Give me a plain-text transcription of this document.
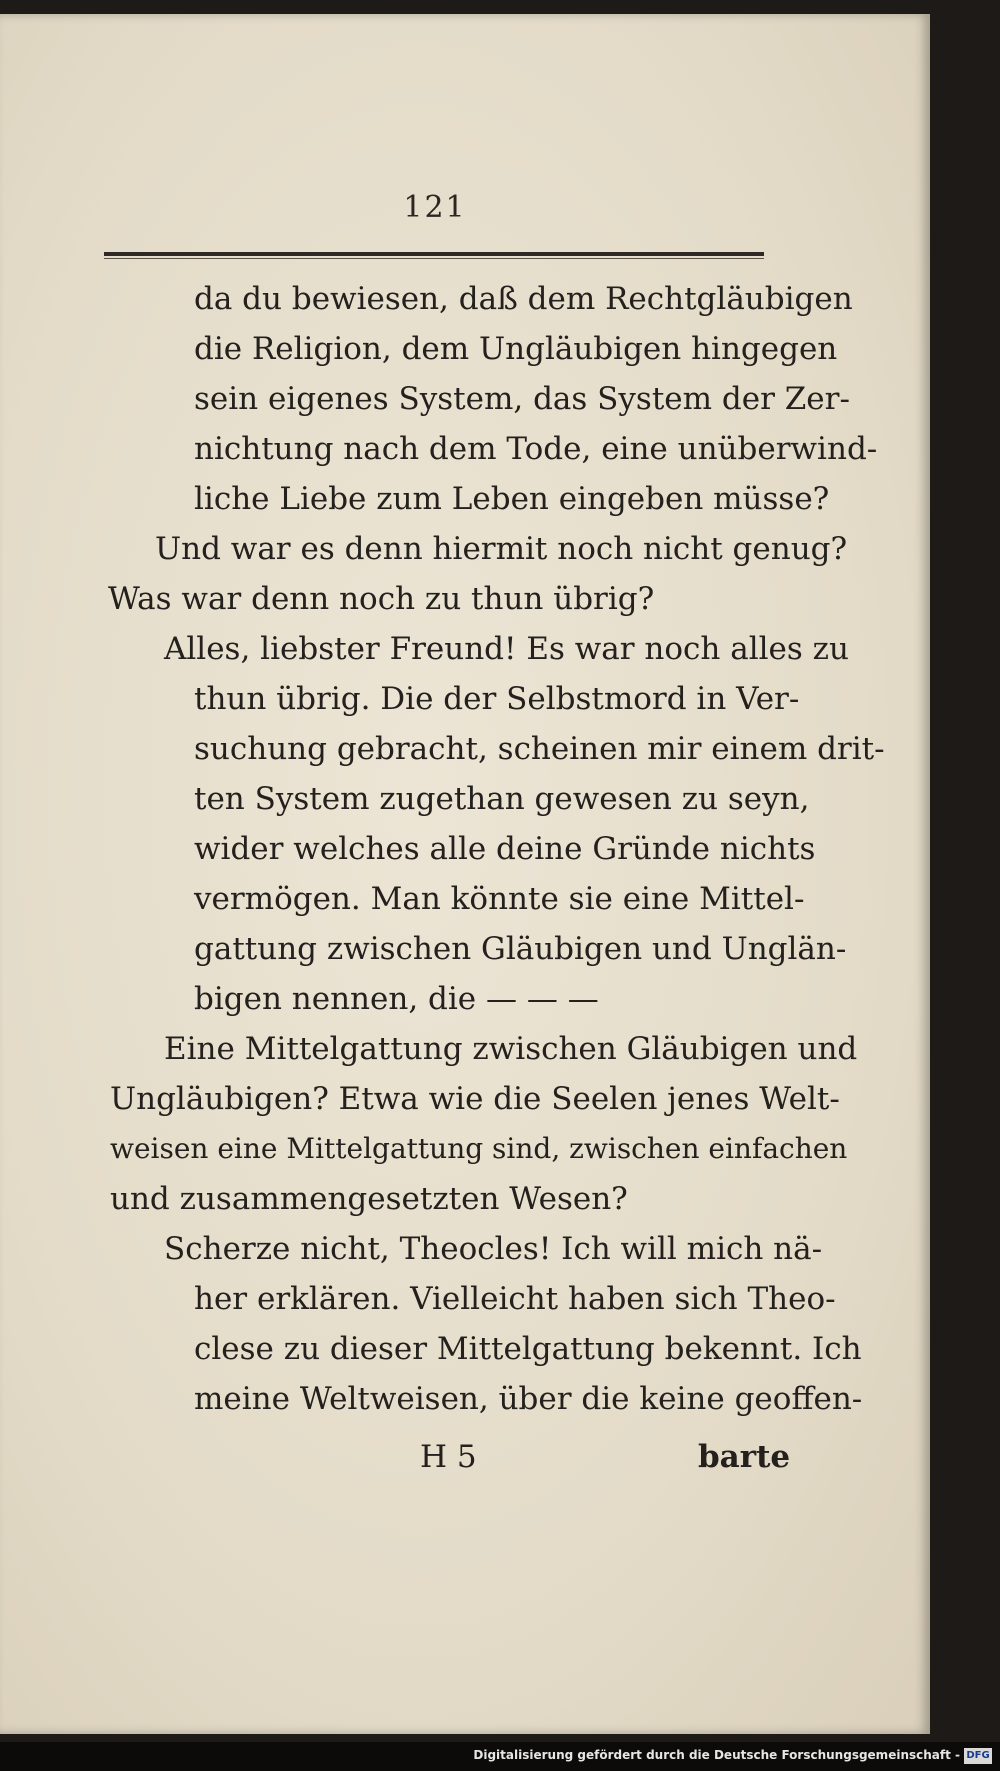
121
da du bewiesen, daß dem Rechtgläubigen
die Religion, dem Ungläubigen hingegen
sein eigenes System, das System der Zer-
nichtung nach dem Tode, eine unüberwind-
liche Liebe zum Leben eingeben müsse?
Und war es denn hiermit noch nicht genug?
Was war denn noch zu thun übrig?
Alles, liebster Freund! Es war noch alles zu
thun übrig. Die der Selbstmord in Ver-
suchung gebracht, scheinen mir einem drit-
ten System zugethan gewesen zu seyn,
wider welches alle deine Gründe nichts
vermögen. Man könnte sie eine Mittel-
gattung zwischen Gläubigen und Unglän-
bigen nennen, die — — —
Eine Mittelgattung zwischen Gläubigen und
Ungläubigen? Etwa wie die Seelen jenes Welt-
weisen eine Mittelgattung sind, zwischen einfachen
und zusammengesetzten Wesen?
Scherze nicht, Theocles! Ich will mich nä-
her erklären. Vielleicht haben sich Theo-
clese zu dieser Mittelgattung bekennt. Ich
meine Weltweisen, über die keine geoffen-
H 5	barte
Digitalisierung gefördert durch die Deutsche Forschungsgemeinschaft - DFG
